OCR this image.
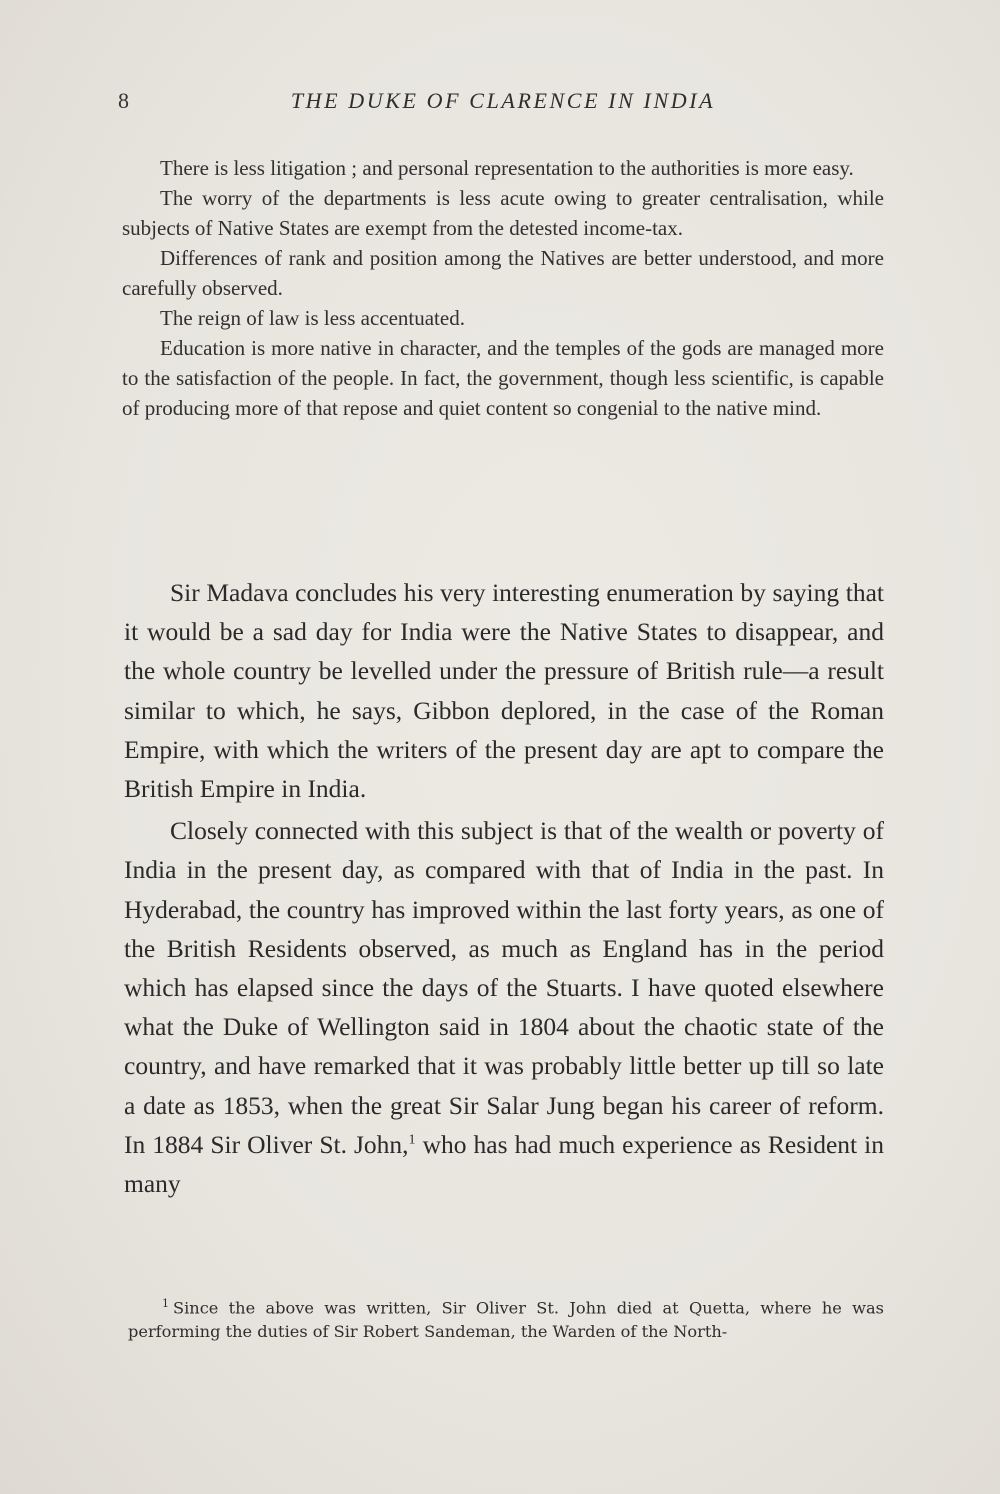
8	THE DUKE OF CLARENCE IN INDIA

There is less litigation ; and personal representation to the authorities is more easy.

The worry of the departments is less acute owing to greater centralisation, while subjects of Native States are exempt from the detested income-tax.

Differences of rank and position among the Natives are better understood, and more carefully observed.

The reign of law is less accentuated.

Education is more native in character, and the temples of the gods are managed more to the satisfaction of the people. In fact, the government, though less scientific, is capable of producing more of that repose and quiet content so congenial to the native mind.

Sir Madava concludes his very interesting enumeration by saying that it would be a sad day for India were the Native States to disappear, and the whole country be levelled under the pressure of British rule—a result similar to which, he says, Gibbon deplored, in the case of the Roman Empire, with which the writers of the present day are apt to compare the British Empire in India.

Closely connected with this subject is that of the wealth or poverty of India in the present day, as compared with that of India in the past. In Hyderabad, the country has improved within the last forty years, as one of the British Residents observed, as much as England has in the period which has elapsed since the days of the Stuarts. I have quoted elsewhere what the Duke of Wellington said in 1804 about the chaotic state of the country, and have remarked that it was probably little better up till so late a date as 1853, when the great Sir Salar Jung began his career of reform. In 1884 Sir Oliver St. John,$^1$ who has had much experience as Resident in many

$^1$ Since the above was written, Sir Oliver St. John died at Quetta, where he was performing the duties of Sir Robert Sandeman, the Warden of the North-
